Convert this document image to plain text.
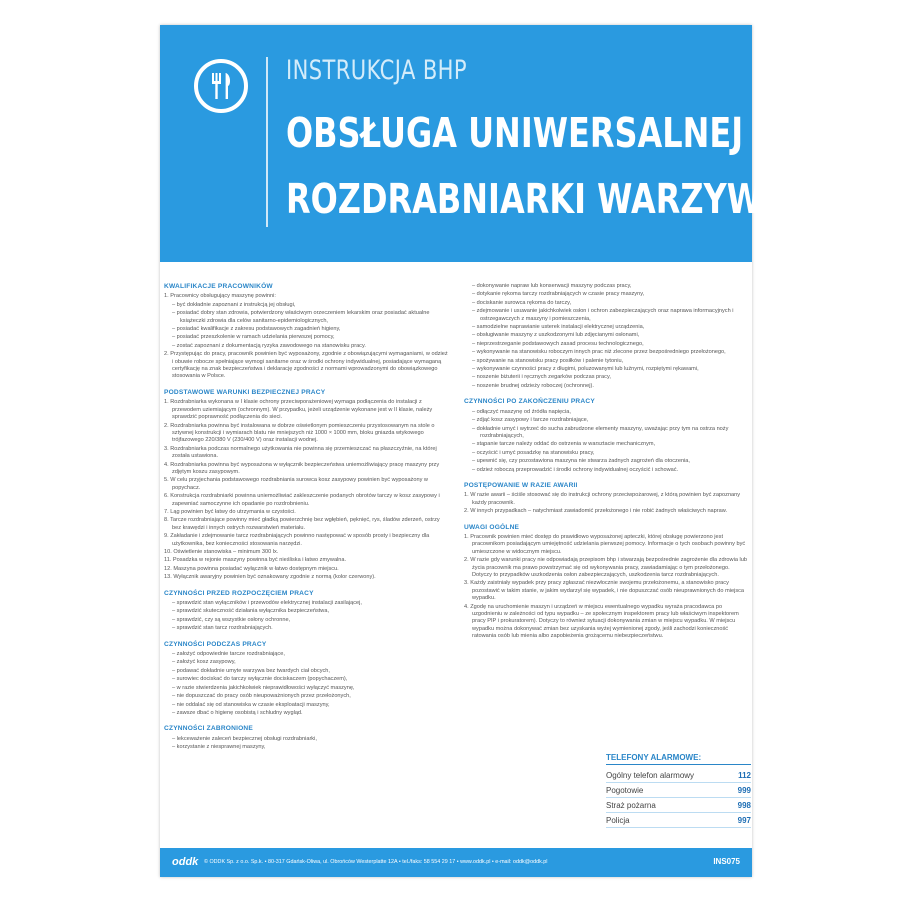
INSTRUKCJA BHP
OBSŁUGA UNIWERSALNEJ
ROZDRABNIARKI WARZYW
KWALIFIKACJE PRACOWNIKÓW
1. Pracownicy obsługujący maszynę powinni:
– być dokładnie zapoznani z instrukcją jej obsługi,
– posiadać dobry stan zdrowia, potwierdzony właściwym orzeczeniem lekarskim oraz posiadać aktualne książeczki zdrowia dla celów sanitarno-epidemiologicznych,
– posiadać kwalifikacje z zakresu podstawowych zagadnień higieny,
– posiadać przeszkolenie w ramach udzielania pierwszej pomocy,
– zostać zapoznani z dokumentacją ryzyka zawodowego na stanowisku pracy.
2. Przystępując do pracy, pracownik powinien być wyposażony, zgodnie z obowiązującymi wymaganiami, w odzież i obuwie robocze spełniające wymogi sanitarne oraz w środki ochrony indywidualnej, posiadające wymaganą certyfikację na znak bezpieczeństwa i deklarację zgodności z normami wprowadzonymi do obowiązkowego stosowania w Polsce.
PODSTAWOWE WARUNKI BEZPIECZNEJ PRACY
1. Rozdrabniarka wykonana w I klasie ochrony przeciwporażeniowej wymaga podłączenia do instalacji z przewodem uziemiającym (ochronnym). W przypadku, jeżeli urządzenie wykonane jest w II klasie, należy sprawdzić poprawność podłączenia do sieci.
2. Rozdrabniarka powinna być instalowana w dobrze oświetlonym pomieszczeniu przystosowanym na stole o sztywnej konstrukcji i wymiarach blatu nie mniejszych niż 1000 × 1000 mm, bloku gniazda wtykowego trójfazowego 220/380 V (230/400 V) oraz instalacji wodnej.
3. Rozdrabniarka podczas normalnego użytkowania nie powinna się przemieszczać na płaszczyźnie, na której została ustawiona.
4. Rozdrabniarka powinna być wyposażona w wyłącznik bezpieczeństwa uniemożliwiający pracę maszyny przy zdjętym koszu zasypowym.
5. W celu przyjechania podstawowego rozdrabniania surowca kosz zasypowy powinien być wyposażony w popychacz.
6. Konstrukcja rozdrabniarki powinna uniemożliwiać zakleszczenie podanych obrotów tarczy w kosz zasypowy i zapewniać samoczynne ich opadanie po rozdrobnieniu.
7. Ląg powinien być łatwy do utrzymania w czystości.
8. Tarcze rozdrabniające powinny mieć gładką powierzchnię bez wgłębień, pęknięć, rys, śladów zderzeń, ostrzy bez krawędzi i innych ostrych rozwarstwień materiału.
9. Zakładanie i zdejmowanie tarcz rozdrabniających powinno następować w sposób prosty i bezpieczny dla użytkownika, bez konieczności stosowania narzędzi.
10. Oświetlenie stanowiska – minimum 300 lx.
11. Posadzka w rejonie maszyny powinna być nieśliska i łatwo zmywalna.
12. Maszyna powinna posiadać wyłącznik w łatwo dostępnym miejscu.
13. Wyłącznik awaryjny powinien być oznakowany zgodnie z normą (kolor czerwony).
CZYNNOŚCI PRZED ROZPOCZĘCIEM PRACY
– sprawdzić stan wyłączników i przewodów elektrycznej instalacji zasilającej,
– sprawdzić skuteczność działania wyłącznika bezpieczeństwa,
– sprawdzić, czy są wszystkie osłony ochronne,
– sprawdzić stan tarcz rozdrabniających.
CZYNNOŚCI PODCZAS PRACY
– założyć odpowiednie tarcze rozdrabniające,
– założyć kosz zasypowy,
– podawać dokładnie umyte warzywa bez twardych ciał obcych,
– surowiec dociskać do tarczy wyłącznie dociskaczem (popychaczem),
– w razie stwierdzenia jakichkolwiek nieprawidłowości wyłączyć maszynę,
– nie dopuszczać do pracy osób nieupoważnionych przez przełożonych,
– nie oddalać się od stanowiska w czasie eksploatacji maszyny,
– zawsze dbać o higienę osobistą i schludny wygląd.
CZYNNOŚCI ZABRONIONE
– lekceważenie zaleceń bezpiecznej obsługi rozdrabniarki,
– korzystanie z niesprawnej maszyny,
– dokonywanie napraw lub konserwacji maszyny podczas pracy,
– dotykanie rękoma tarczy rozdrabniających w czasie pracy maszyny,
– dociskanie surowca rękoma do tarczy,
– zdejmowanie i usuwanie jakichkolwiek osłon i ochron zabezpieczających oraz naprawa informacyjnych i ostrzegawczych z maszyny i pomieszczenia,
– samodzielne naprawianie usterek instalacji elektrycznej urządzenia,
– obsługiwanie maszyny z uszkodzonymi lub zdjęcianymi osłonami,
– nieprzestrzeganie podstawowych zasad procesu technologicznego,
– wykonywanie na stanowisku roboczym innych prac niż zlecone przez bezpośredniego przełożonego,
– spożywanie na stanowisku pracy posiłków i palenie tytoniu,
– wykonywanie czynności pracy z długimi, poluzowanymi lub luźnymi, rozpiętymi rękawami,
– noszenie biżuterii i ręcznych zegarków podczas pracy,
– noszenie brudnej odzieży roboczej (ochronnej).
CZYNNOŚCI PO ZAKOŃCZENIU PRACY
– odłączyć maszynę od źródła napięcia,
– zdjąć kosz zasypowy i tarcze rozdrabniające,
– dokładnie umyć i wytrzeć do sucha zabrudzone elementy maszyny, uważając przy tym na ostrza noży rozdrabniających,
– stąpanie tarcze należy oddać do ostrzenia w warsztacie mechanicznym,
– oczyścić i umyć posadzkę na stanowisku pracy,
– upewnić się, czy pozostawiona maszyna nie stwarza żadnych zagrożeń dla otoczenia,
– odzież roboczą przeprowadzić i środki ochrony indywidualnej oczyścić i schować.
POSTĘPOWANIE W RAZIE AWARII
1. W razie awarii – ściśle stosować się do instrukcji ochrony przeciwpożarowej, z którą powinien być zapoznany każdy pracownik.
2. W innych przypadkach – natychmiast zawiadomić przełożonego i nie robić żadnych właściwych napraw.
UWAGI OGÓLNE
1. Pracownik powinien mieć dostęp do prawidłowo wyposażonej apteczki, której obsługę powierzono jest pracownikom posiadającym umiejętność udzielania pierwszej pomocy. Informacje o tych osobach powinny być umieszczone w widocznym miejscu.
2. W razie gdy warunki pracy nie odpowiadają przepisom bhp i stwarzają bezpośrednie zagrożenie dla zdrowia lub życia pracownik ma prawo powstrzymać się od wykonywania pracy, zawiadamiając o tym przełożonego. Dotyczy to przypadków uszkodzenia osłon zabezpieczających, uszkodzenia tarcz rozdrabniających.
3. Każdy zaistniały wypadek przy pracy zgłaszać niezwłocznie swojemu przełożonemu, a stanowisko pracy pozostawić w takim stanie, w jakim wydarzył się wypadek, i nie dopuszczać osób nieuprawnionych do miejsca wypadku.
4. Zgodę na uruchomienie maszyn i urządzeń w miejscu ewentualnego wypadku wyraża pracodawca po uzgodnieniu w zależności od typu wypadku – ze społecznym inspektorem pracy lub właściwym inspektorem pracy PIP i prokuratorem). Dotyczy to również sytuacji dokonywania zmian w miejscu wypadku. W miejscu wypadku można dokonywać zmian bez uzyskania wyżej wymienionej zgody, jeśli zachodzi konieczność ratowania osób lub mienia albo zapobieżenia grożącemu niebezpieczeństwu.
TELEFONY ALARMOWE:
Ogólny telefon alarmowy	112
Pogotowie	999
Straż pożarna	998
Policja	997
oddk © ODDK Sp. z o.o. Sp.k. • 80-317 Gdańsk-Oliwa, ul. Obrońców Westerplatte 12A • tel./faks: 58 554 29 17 • www.oddk.pl • e-mail: oddk@oddk.pl	INS075
